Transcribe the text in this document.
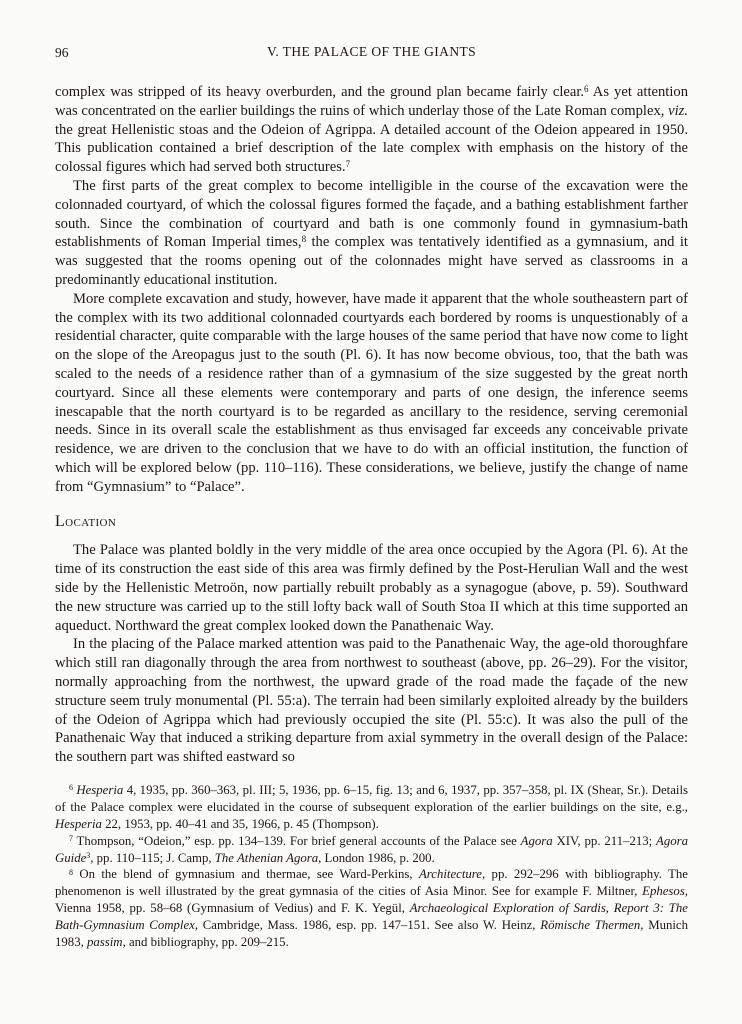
96	V. THE PALACE OF THE GIANTS

complex was stripped of its heavy overburden, and the ground plan became fairly clear.$^6$ As yet attention was concentrated on the earlier buildings the ruins of which underlay those of the Late Roman complex, viz. the great Hellenistic stoas and the Odeion of Agrippa. A detailed account of the Odeion appeared in 1950. This publication contained a brief description of the late complex with emphasis on the history of the colossal figures which had served both structures.$^7$

The first parts of the great complex to become intelligible in the course of the excavation were the colonnaded courtyard, of which the colossal figures formed the façade, and a bathing establishment farther south. Since the combination of courtyard and bath is one commonly found in gymnasium-bath establishments of Roman Imperial times,$^8$ the complex was tentatively identified as a gymnasium, and it was suggested that the rooms opening out of the colonnades might have served as classrooms in a predominantly educational institution.

More complete excavation and study, however, have made it apparent that the whole southeastern part of the complex with its two additional colonnaded courtyards each bordered by rooms is unquestionably of a residential character, quite comparable with the large houses of the same period that have now come to light on the slope of the Areopagus just to the south (Pl. 6). It has now become obvious, too, that the bath was scaled to the needs of a residence rather than of a gymnasium of the size suggested by the great north courtyard. Since all these elements were contemporary and parts of one design, the inference seems inescapable that the north courtyard is to be regarded as ancillary to the residence, serving ceremonial needs. Since in its overall scale the establishment as thus envisaged far exceeds any conceivable private residence, we are driven to the conclusion that we have to do with an official institution, the function of which will be explored below (pp. 110–116). These considerations, we believe, justify the change of name from “Gymnasium” to “Palace”.

Location

The Palace was planted boldly in the very middle of the area once occupied by the Agora (Pl. 6). At the time of its construction the east side of this area was firmly defined by the Post-Herulian Wall and the west side by the Hellenistic Metroön, now partially rebuilt probably as a synagogue (above, p. 59). Southward the new structure was carried up to the still lofty back wall of South Stoa II which at this time supported an aqueduct. Northward the great complex looked down the Panathenaic Way.

In the placing of the Palace marked attention was paid to the Panathenaic Way, the age-old thoroughfare which still ran diagonally through the area from northwest to southeast (above, pp. 26–29). For the visitor, normally approaching from the northwest, the upward grade of the road made the façade of the new structure seem truly monumental (Pl. 55:a). The terrain had been similarly exploited already by the builders of the Odeion of Agrippa which had previously occupied the site (Pl. 55:c). It was also the pull of the Panathenaic Way that induced a striking departure from axial symmetry in the overall design of the Palace: the southern part was shifted eastward so

$^6$ Hesperia 4, 1935, pp. 360–363, pl. III; 5, 1936, pp. 6–15, fig. 13; and 6, 1937, pp. 357–358, pl. IX (Shear, Sr.). Details of the Palace complex were elucidated in the course of subsequent exploration of the earlier buildings on the site, e.g., Hesperia 22, 1953, pp. 40–41 and 35, 1966, p. 45 (Thompson).

$^7$ Thompson, “Odeion,” esp. pp. 134–139. For brief general accounts of the Palace see Agora XIV, pp. 211–213; Agora Guide$^3$, pp. 110–115; J. Camp, The Athenian Agora, London 1986, p. 200.

$^8$ On the blend of gymnasium and thermae, see Ward-Perkins, Architecture, pp. 292–296 with bibliography. The phenomenon is well illustrated by the great gymnasia of the cities of Asia Minor. See for example F. Miltner, Ephesos, Vienna 1958, pp. 58–68 (Gymnasium of Vedius) and F. K. Yegül, Archaeological Exploration of Sardis, Report 3: The Bath-Gymnasium Complex, Cambridge, Mass. 1986, esp. pp. 147–151. See also W. Heinz, Römische Thermen, Munich 1983, passim, and bibliography, pp. 209–215.
